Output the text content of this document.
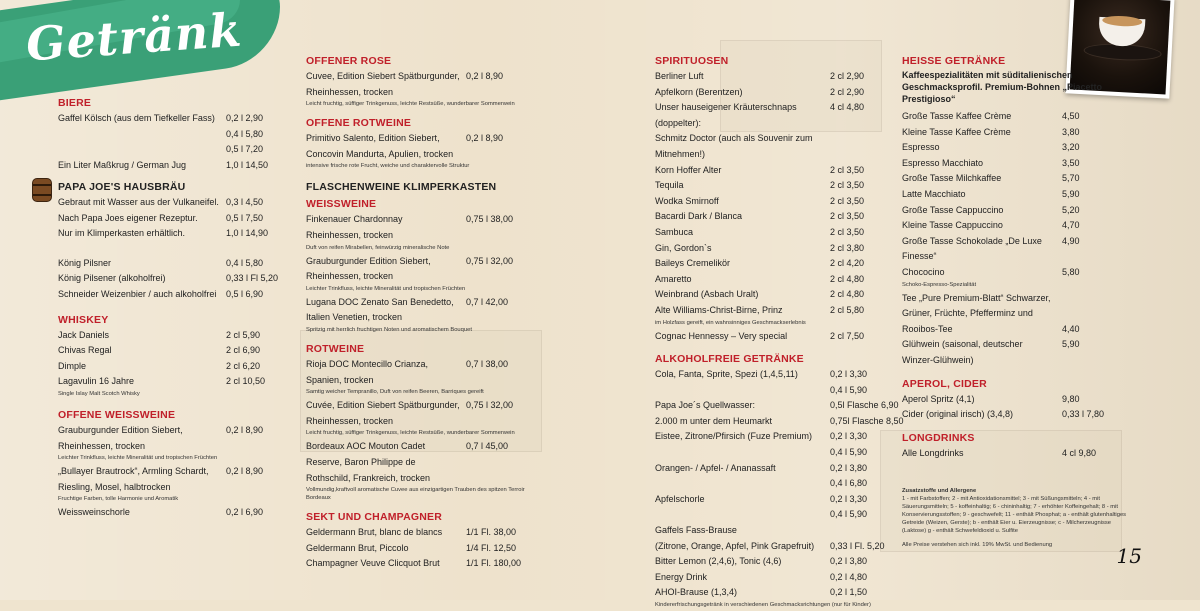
Getränk
BIERE
Gaffel Kölsch (aus dem Tiefkeller Fass)	0,2 l 2,90
0,4 l 5,80
0,5 l 7,20
Ein Liter Maßkrug / German Jug	1,0 l 14,50
PAPA JOE'S HAUSBRÄU
Gebraut mit Wasser aus der Vulkaneifel. 0,3 l 4,50
Nach Papa Joes eigener Rezeptur.	0,5 l 7,50
Nur im Klimperkasten erhältlich.	1,0 l 14,90
König Pilsner	0,4 l 5,80
König Pilsener (alkoholfrei)	0,33 l Fl 5,20
Schneider Weizenbier / auch alkoholfrei	0,5 l 6,90
WHISKEY
Jack Daniels	2 cl 5,90
Chivas Regal	2 cl 6,90
Dimple	2 cl 6,20
Lagavulin 16 Jahre	2 cl 10,50
Single Islay Malt Scotch Whisky
OFFENE WEISSWEINE
Grauburgunder Edition Siebert, Rheinhessen, trocken
0,2 l 8,90
Leichter Trinkfluss, leichte Mineralität und tropischen Früchten
„Bullayer Brautrock“, Armling Schardt, Riesling, Mosel, halbtrocken
0,2 l 8,90
Fruchtige Farben, tolle Harmonie und Aromatik
Weissweinschorle	0,2 l 6,90
OFFENER ROSE
Cuvee, Edition Siebert Spätburgunder, Rheinhessen, trocken
0,2 l 8,90
Leicht fruchtig, süffiger Trinkgenuss, leichte Restsüße, wunderbarer Sommerwein
OFFENE ROTWEINE
Primitivo Salento, Edition Siebert, Concovin Mandurta, Apulien, trocken
0,2 l 8,90
intensive frische rote Frucht, weiche und charaktervolle Struktur
FLASCHENWEINE KLIMPERKASTEN
WEISSWEINE
Finkenauer Chardonnay Rheinhessen, trocken
0,75 l 38,00
Duft von reifen Mirabellen, feinwürzig mineralische Note
Grauburgunder Edition Siebert, Rheinhessen, trocken
0,75 l 32,00
Leichter Trinkfluss, leichte Mineralität und tropischen Früchten
Lugana DOC Zenato San Benedetto, Italien Venetien, trocken
0,7 l 42,00
Spritzig mit herrlich fruchtigen Noten und aromatischem Bouquet
ROTWEINE
Rioja DOC Montecillo Crianza, Spanien, trocken
0,7 l 38,00
Samtig weicher Tempranillo, Duft von reifen Beeren, Barriques gereift
Cuvée, Edition Siebert Spätburgunder, Rheinhessen, trocken
0,75 l 32,00
Leicht fruchtig, süffiger Trinkgenuss, leichte Restsüße, wunderbarer Sommerwein
Bordeaux AOC Mouton Cadet Reserve, Baron Philippe de Rothschild, Frankreich, trocken
0,7 l 45,00
Vollmundig,kraftvoll aromatische Cuvee aus einzigartigen Trauben des spitzen Terroir Bordeaux
SEKT UND CHAMPAGNER
Geldermann Brut, blanc de blancs	1/1 Fl. 38,00
Geldermann Brut, Piccolo	1/4 Fl. 12,50
Champagner Veuve Clicquot Brut	1/1 Fl. 180,00
SPIRITUOSEN
Berliner Luft	2 cl 2,90
Apfelkorn (Berentzen)	2 cl 2,90
Unser hauseigener Kräuterschnaps (doppelter):
4 cl 4,80
Schmitz Doctor (auch als Souvenir zum Mitnehmen!)
Korn Hoffer Alter	2 cl 3,50
Tequila	2 cl 3,50
Wodka Smirnoff	2 cl 3,50
Bacardi Dark / Blanca	2 cl 3,50
Sambuca	2 cl 3,50
Gin, Gordon`s	2 cl 3,80
Baileys Cremelikör	2 cl 4,20
Amaretto	2 cl 4,80
Weinbrand (Asbach Uralt)	2 cl 4,80
Alte Williams-Christ-Birne, Prinz	2 cl 5,80
im Holzfass gereift, ein wahnsinniges Geschmackserlebnis
Cognac Hennessy – Very special	2 cl 7,50
ALKOHOLFREIE GETRÄNKE
Cola, Fanta, Sprite, Spezi (1,4,5,11)	0,2 l 3,30
0,4 l 5,90
Papa Joe´s Quellwasser:	0,5l Flasche 6,90
2.000 m unter dem Heumarkt	0,75l Flasche 8,50
Eistee, Zitrone/Pfirsich (Fuze Premium)	0,2 l 3,30
0,4 l 5,90
Orangen- / Apfel- / Ananassaft	0,2 l 3,80
0,4 l 6,80
Apfelschorle	0,2 l 3,30
0,4 l 5,90
Gaffels Fass-Brause
(Zitrone, Orange, Apfel, Pink Grapefruit)	0,33 l Fl. 5,20
Bitter Lemon (2,4,6), Tonic (4,6)	0,2 l 3,80
Energy Drink	0,2 l 4,80
AHOI-Brause (1,3,4)	0,2 l 1,50
Kindererfrischungsgetränk in verschiedenen Geschmacksrichtungen (nur für Kinder)
HEISSE GETRÄNKE
Kaffeespezialitäten mit süditalienischen Geschmacksprofil. Premium-Bohnen „Piacetto Prestigioso“
Große Tasse Kaffee Crème	4,50
Kleine Tasse Kaffee Crème	3,80
Espresso	3,20
Espresso Macchiato	3,50
Große Tasse Milchkaffee	5,70
Latte Macchiato	5,90
Große Tasse Cappuccino	5,20
Kleine Tasse Cappuccino	4,70
Große Tasse Schokolade „De Luxe Finesse“
4,90
Chococino	5,80
Schoko-Espresso-Spezialität
Tee „Pure Premium-Blatt“ Schwarzer, Grüner, Früchte, Pfefferminz und Rooibos-Tee	4,40
Glühwein (saisonal, deutscher Winzer-Glühwein)
5,90
APEROL, CIDER
Aperol Spritz (4,1)	9,80
Cider (original irisch) (3,4,8)	0,33 l 7,80
LONGDRINKS
Alle Longdrinks	4 cl 9,80
Zusatzstoffe und Allergene
1 - mit Farbstoffen; 2 - mit Antioxidationsmittel; 3 - mit Süßungsmitteln; 4 - mit Säuerungsmitteln; 5 - koffeinhaltig; 6 - chininhaltig; 7 - erhöhter Koffeingehalt; 8 - mit Konservierungsstoffen; 9 - geschwefelt; 11 - enthält Phosphat; a - enthält glutenhaltiges Getreide (Weizen, Gerste); b - enthält Eier u. Eierzeugnisse; c - Milcherzeugnisse (Laktose) g - enthält Schwefeldioxid u. Sulfite
Alle Preise verstehen sich inkl. 19% MwSt. und Bedienung	15
